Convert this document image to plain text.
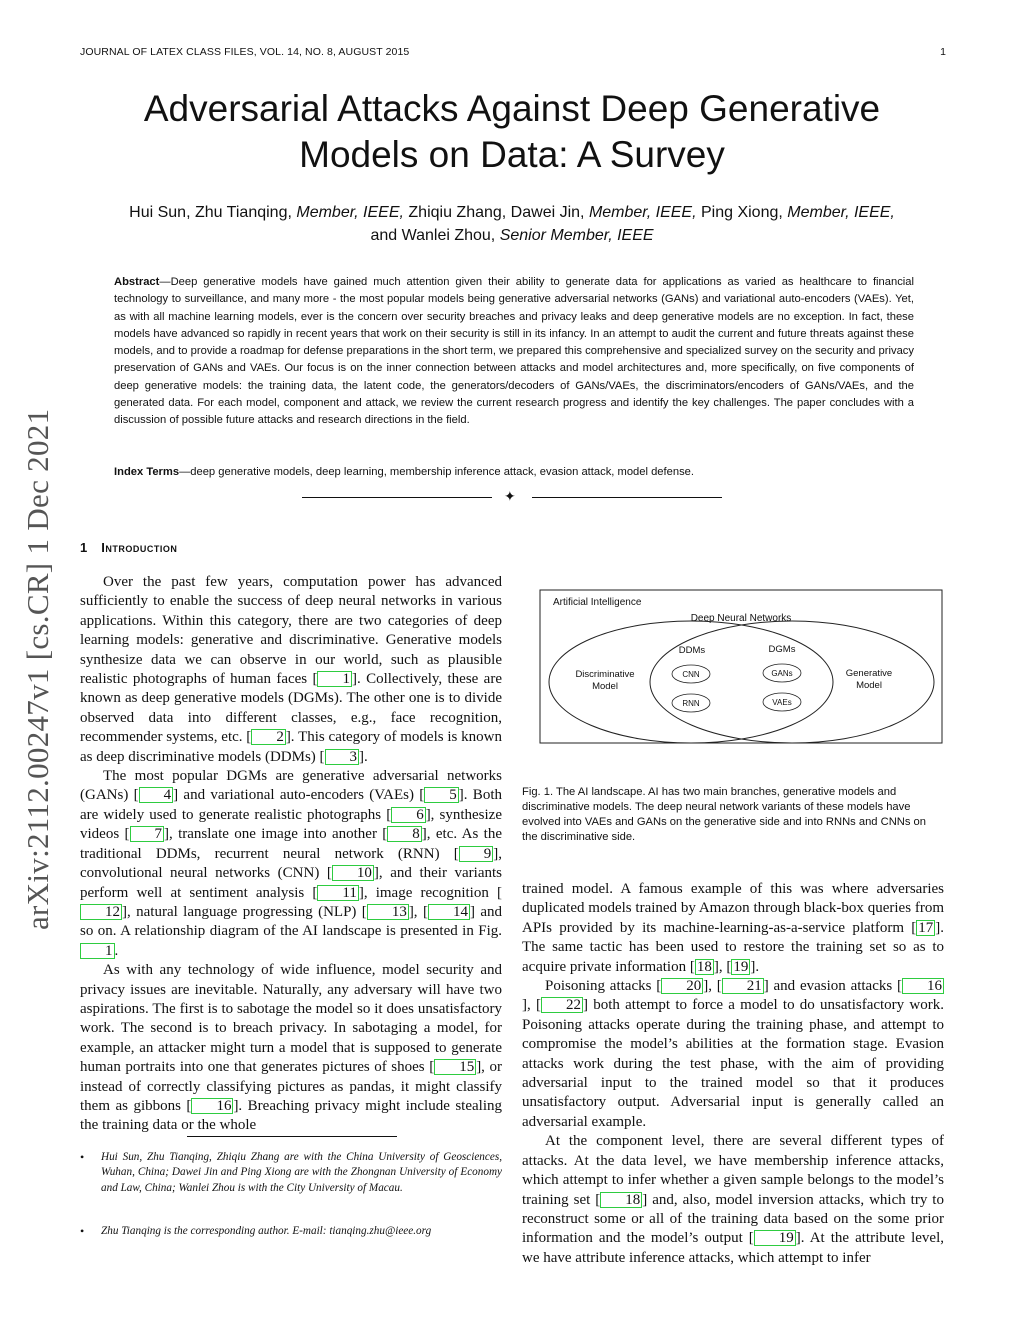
JOURNAL OF LATEX CLASS FILES, VOL. 14, NO. 8, AUGUST 2015	1
Adversarial Attacks Against Deep Generative
Models on Data: A Survey
Hui Sun, Zhu Tianqing, Member, IEEE, Zhiqiu Zhang, Dawei Jin, Member, IEEE, Ping Xiong, Member, IEEE,
and Wanlei Zhou, Senior Member, IEEE
Abstract—Deep generative models have gained much attention given their ability to generate data for applications as varied as healthcare to financial technology to surveillance, and many more - the most popular models being generative adversarial networks (GANs) and variational auto-encoders (VAEs). Yet, as with all machine learning models, ever is the concern over security breaches and privacy leaks and deep generative models are no exception. In fact, these models have advanced so rapidly in recent years that work on their security is still in its infancy. In an attempt to audit the current and future threats against these models, and to provide a roadmap for defense preparations in the short term, we prepared this comprehensive and specialized survey on the security and privacy preservation of GANs and VAEs. Our focus is on the inner connection between attacks and model architectures and, more specifically, on five components of deep generative models: the training data, the latent code, the generators/decoders of GANs/VAEs, the discriminators/encoders of GANs/VAEs, and the generated data. For each model, component and attack, we review the current research progress and identify the key challenges. The paper concludes with a discussion of possible future attacks and research directions in the field.
Index Terms—deep generative models, deep learning, membership inference attack, evasion attack, model defense.
✦
arXiv:2112.00247v1 [cs.CR] 1 Dec 2021 1 Introduction

Over the past few years, computation power has advanced sufficiently to enable the success of deep neural networks in various applications. Within this category, there are two categories of deep learning models: generative and discriminative. Generative models synthesize data we can observe in our world, such as plausible realistic photographs of human faces [ 1 ]. Collectively, these are known as deep generative models (DGMs). The other one is to divide observed data into different classes, e.g., face recognition, recommender systems, etc. [ 2 ]. This category of models is known as deep discriminative models (DDMs) [ 3 ].

The most popular DGMs are generative adversarial networks (GANs) [ 4 ] and variational auto-encoders (VAEs) [ 5 ]. Both are widely used to generate realistic photographs [ 6 ], synthesize videos [ 7 ], translate one image into another [ 8 ], etc. As the traditional DDMs, recurrent neural network (RNN) [ 9 ], convolutional neural networks (CNN) [ 10 ], and their variants perform well at sentiment analysis [ 11 ], image recognition [12 ], natural language progressing (NLP) [ 13 ], [ 14 ] and so on. A relationship diagram of the AI landscape is presented in Fig. 1 .

As with any technology of wide influence, model security and privacy issues are inevitable. Naturally, any adversary will have two aspirations. The first is to sabotage the model so it does unsatisfactory work. The second is to breach privacy. In sabotaging a model, for example, an attacker might turn a model that is supposed to generate human portraits into one that generates pictures of shoes [ 15 ], or instead of correctly classifying pictures as pandas, it might classify them as gibbons [ 16 ]. Breaching privacy might include stealing the training data or the whole

• Hui Sun, Zhu Tianqing, Zhiqiu Zhang are with the China University of Geosciences, Wuhan, China; Dawei Jin and Ping Xiong are with the Zhongnan University of Economy and Law, China; Wanlei Zhou is with the City University of Macau.
• Zhu Tianqing is the corresponding author. E-mail: tianqing.zhu@ieee.org
Artificial Intelligence
Deep Neural Networks
DDMs	DGMs
Discriminative
Model
Generative
Model
CNN
RNN
GANs
VAEs
Fig. 1. The AI landscape. AI has two main branches, generative models and discriminative models. The deep neural network variants of these models have evolved into VAEs and GANs on the generative side and into RNNs and CNNs on the discriminative side.

trained model. A famous example of this was where adversaries duplicated models trained by Amazon through black-box queries from APIs provided by its machine-learning-as-a-service platform [ 17 ]. The same tactic has been used to restore the training set so as to acquire private information [ 18 ], [ 19 ].

Poisoning attacks [ 20 ], [ 21 ] and evasion attacks [ 16], [ 22 ] both attempt to force a model to do unsatisfactory work. Poisoning attacks operate during the training phase, and attempt to compromise the model’s abilities at the formation stage. Evasion attacks work during the test phase, with the aim of providing adversarial input to the trained model so that it produces unsatisfactory output. Adversarial input is generally called an adversarial example.

At the component level, there are several different types of attacks. At the data level, we have membership inference attacks, which attempt to infer whether a given sample belongs to the model’s training set [ 18 ] and, also, model inversion attacks, which try to reconstruct some or all of the training data based on the some prior information and the model’s output [ 19 ]. At the attribute level, we have attribute inference attacks, which attempt to infer
